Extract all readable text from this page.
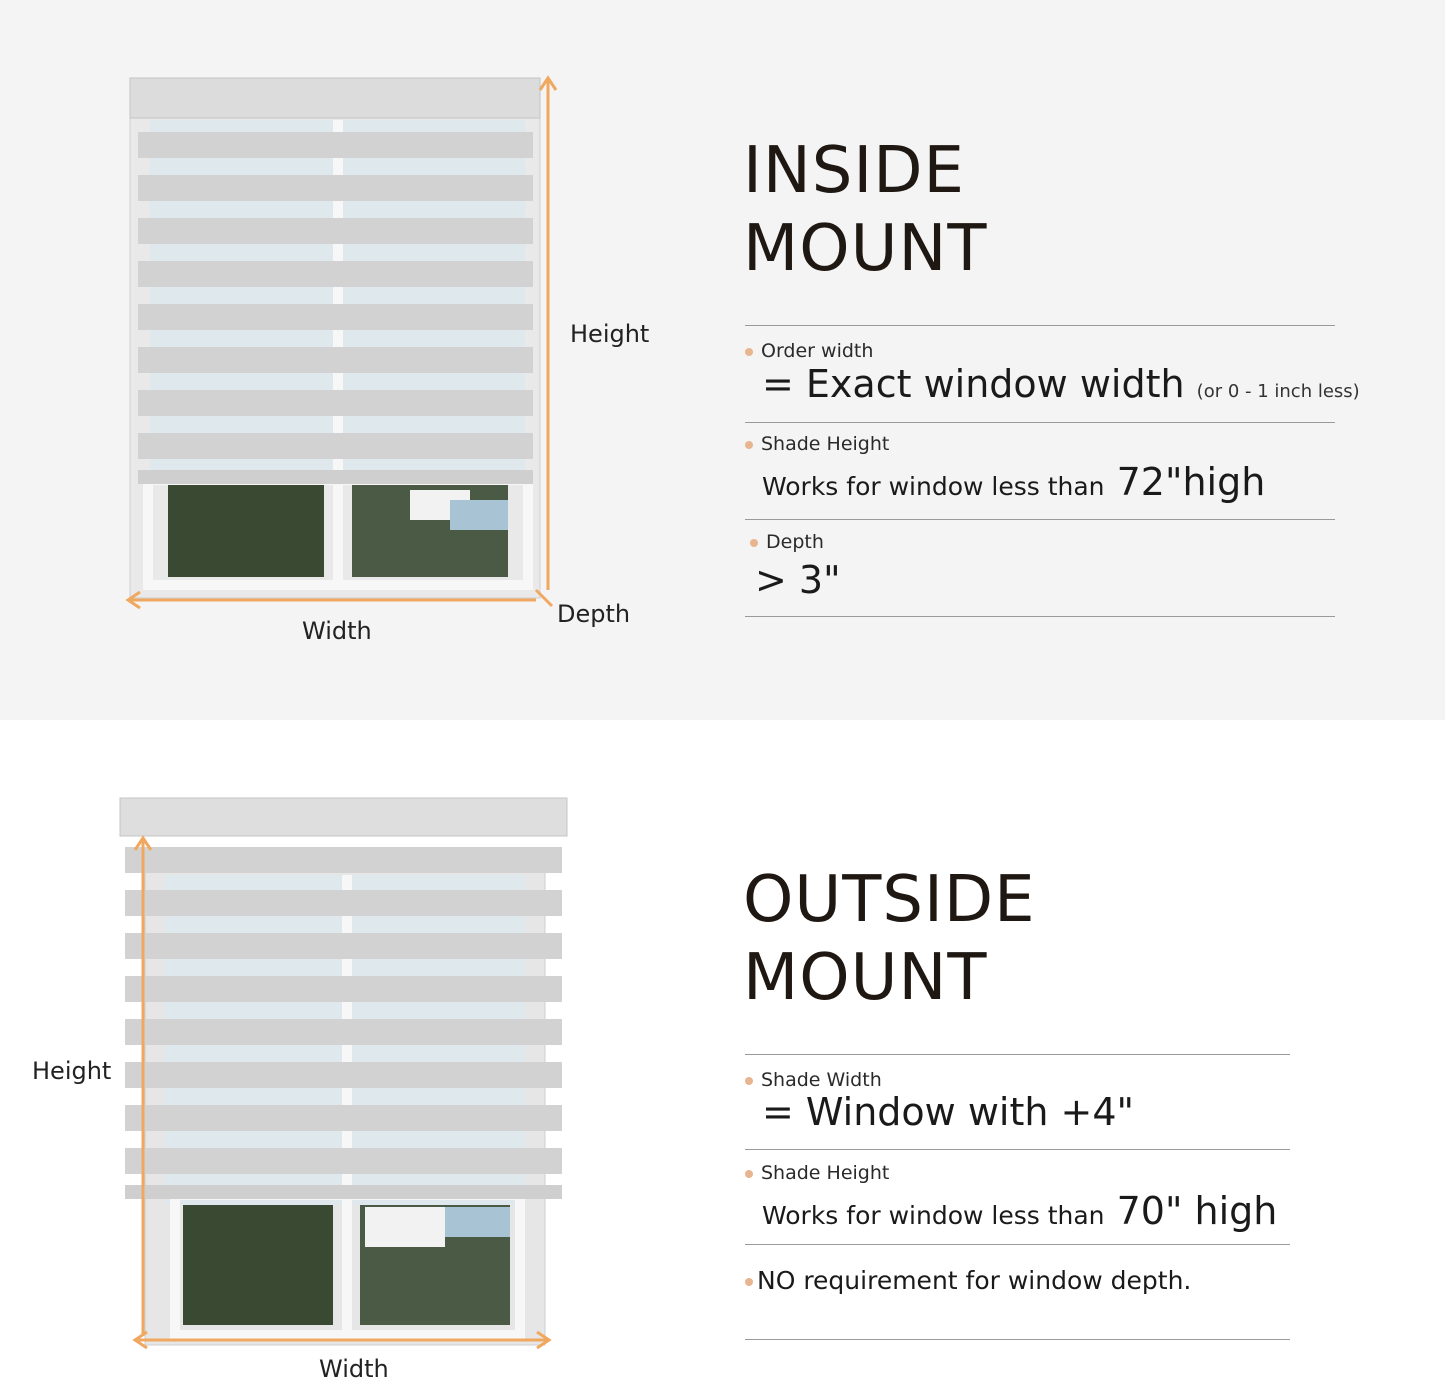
Height
Width
Depth
INSIDE
MOUNT
Order width
= Exact window width (or 0 - 1 inch less)
Shade Height
Works for window less than 72"high
Depth
> 3"
Height
Width
OUTSIDE
MOUNT
Shade Width
= Window with +4"
Shade Height
Works for window less than 70" high
NO requirement for window depth.
